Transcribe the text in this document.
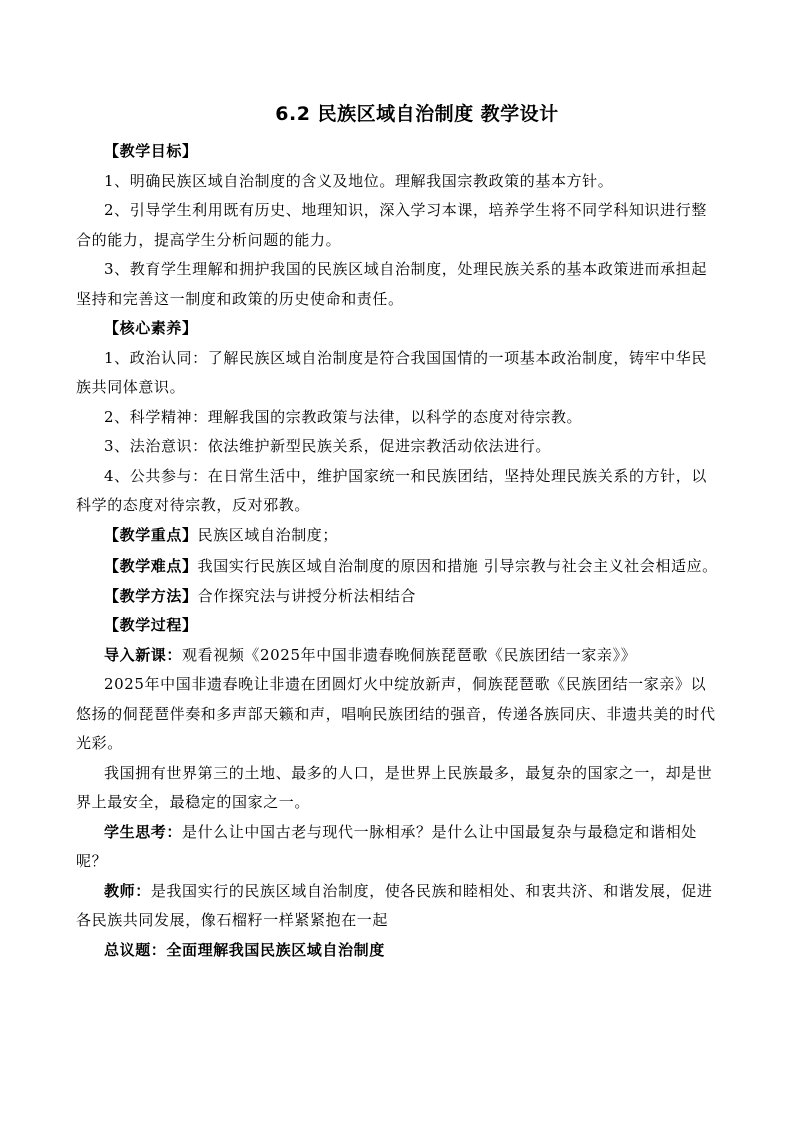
6.2 民族区域自治制度 教学设计

【教学目标】

1、明确民族区域自治制度的含义及地位。理解我国宗教政策的基本方针。

2、引导学生利用既有历史、地理知识，深入学习本课，培养学生将不同学科知识进行整合的能力，提高学生分析问题的能力。

3、教育学生理解和拥护我国的民族区域自治制度，处理民族关系的基本政策进而承担起坚持和完善这一制度和政策的历史使命和责任。

【核心素养】

1、政治认同：了解民族区域自治制度是符合我国国情的一项基本政治制度，铸牢中华民族共同体意识。

2、科学精神：理解我国的宗教政策与法律，以科学的态度对待宗教。

3、法治意识：依法维护新型民族关系，促进宗教活动依法进行。

4、公共参与：在日常生活中，维护国家统一和民族团结，坚持处理民族关系的方针，以科学的态度对待宗教，反对邪教。

【教学重点】民族区域自治制度；

【教学难点】我国实行民族区域自治制度的原因和措施 引导宗教与社会主义社会相适应。

【教学方法】合作探究法与讲授分析法相结合

【教学过程】

导入新课：观看视频《2025年中国非遗春晚侗族琵琶歌《民族团结一家亲》》

2025年中国非遗春晚让非遗在团圆灯火中绽放新声，侗族琵琶歌《民族团结一家亲》以悠扬的侗琵琶伴奏和多声部天籁和声，唱响民族团结的强音，传递各族同庆、非遗共美的时代光彩。

我国拥有世界第三的土地、最多的人口，是世界上民族最多，最复杂的国家之一，却是世界上最安全，最稳定的国家之一。

学生思考：是什么让中国古老与现代一脉相承？是什么让中国最复杂与最稳定和谐相处呢？

教师：是我国实行的民族区域自治制度，使各民族和睦相处、和衷共济、和谐发展，促进各民族共同发展，像石榴籽一样紧紧抱在一起

总议题：全面理解我国民族区域自治制度
